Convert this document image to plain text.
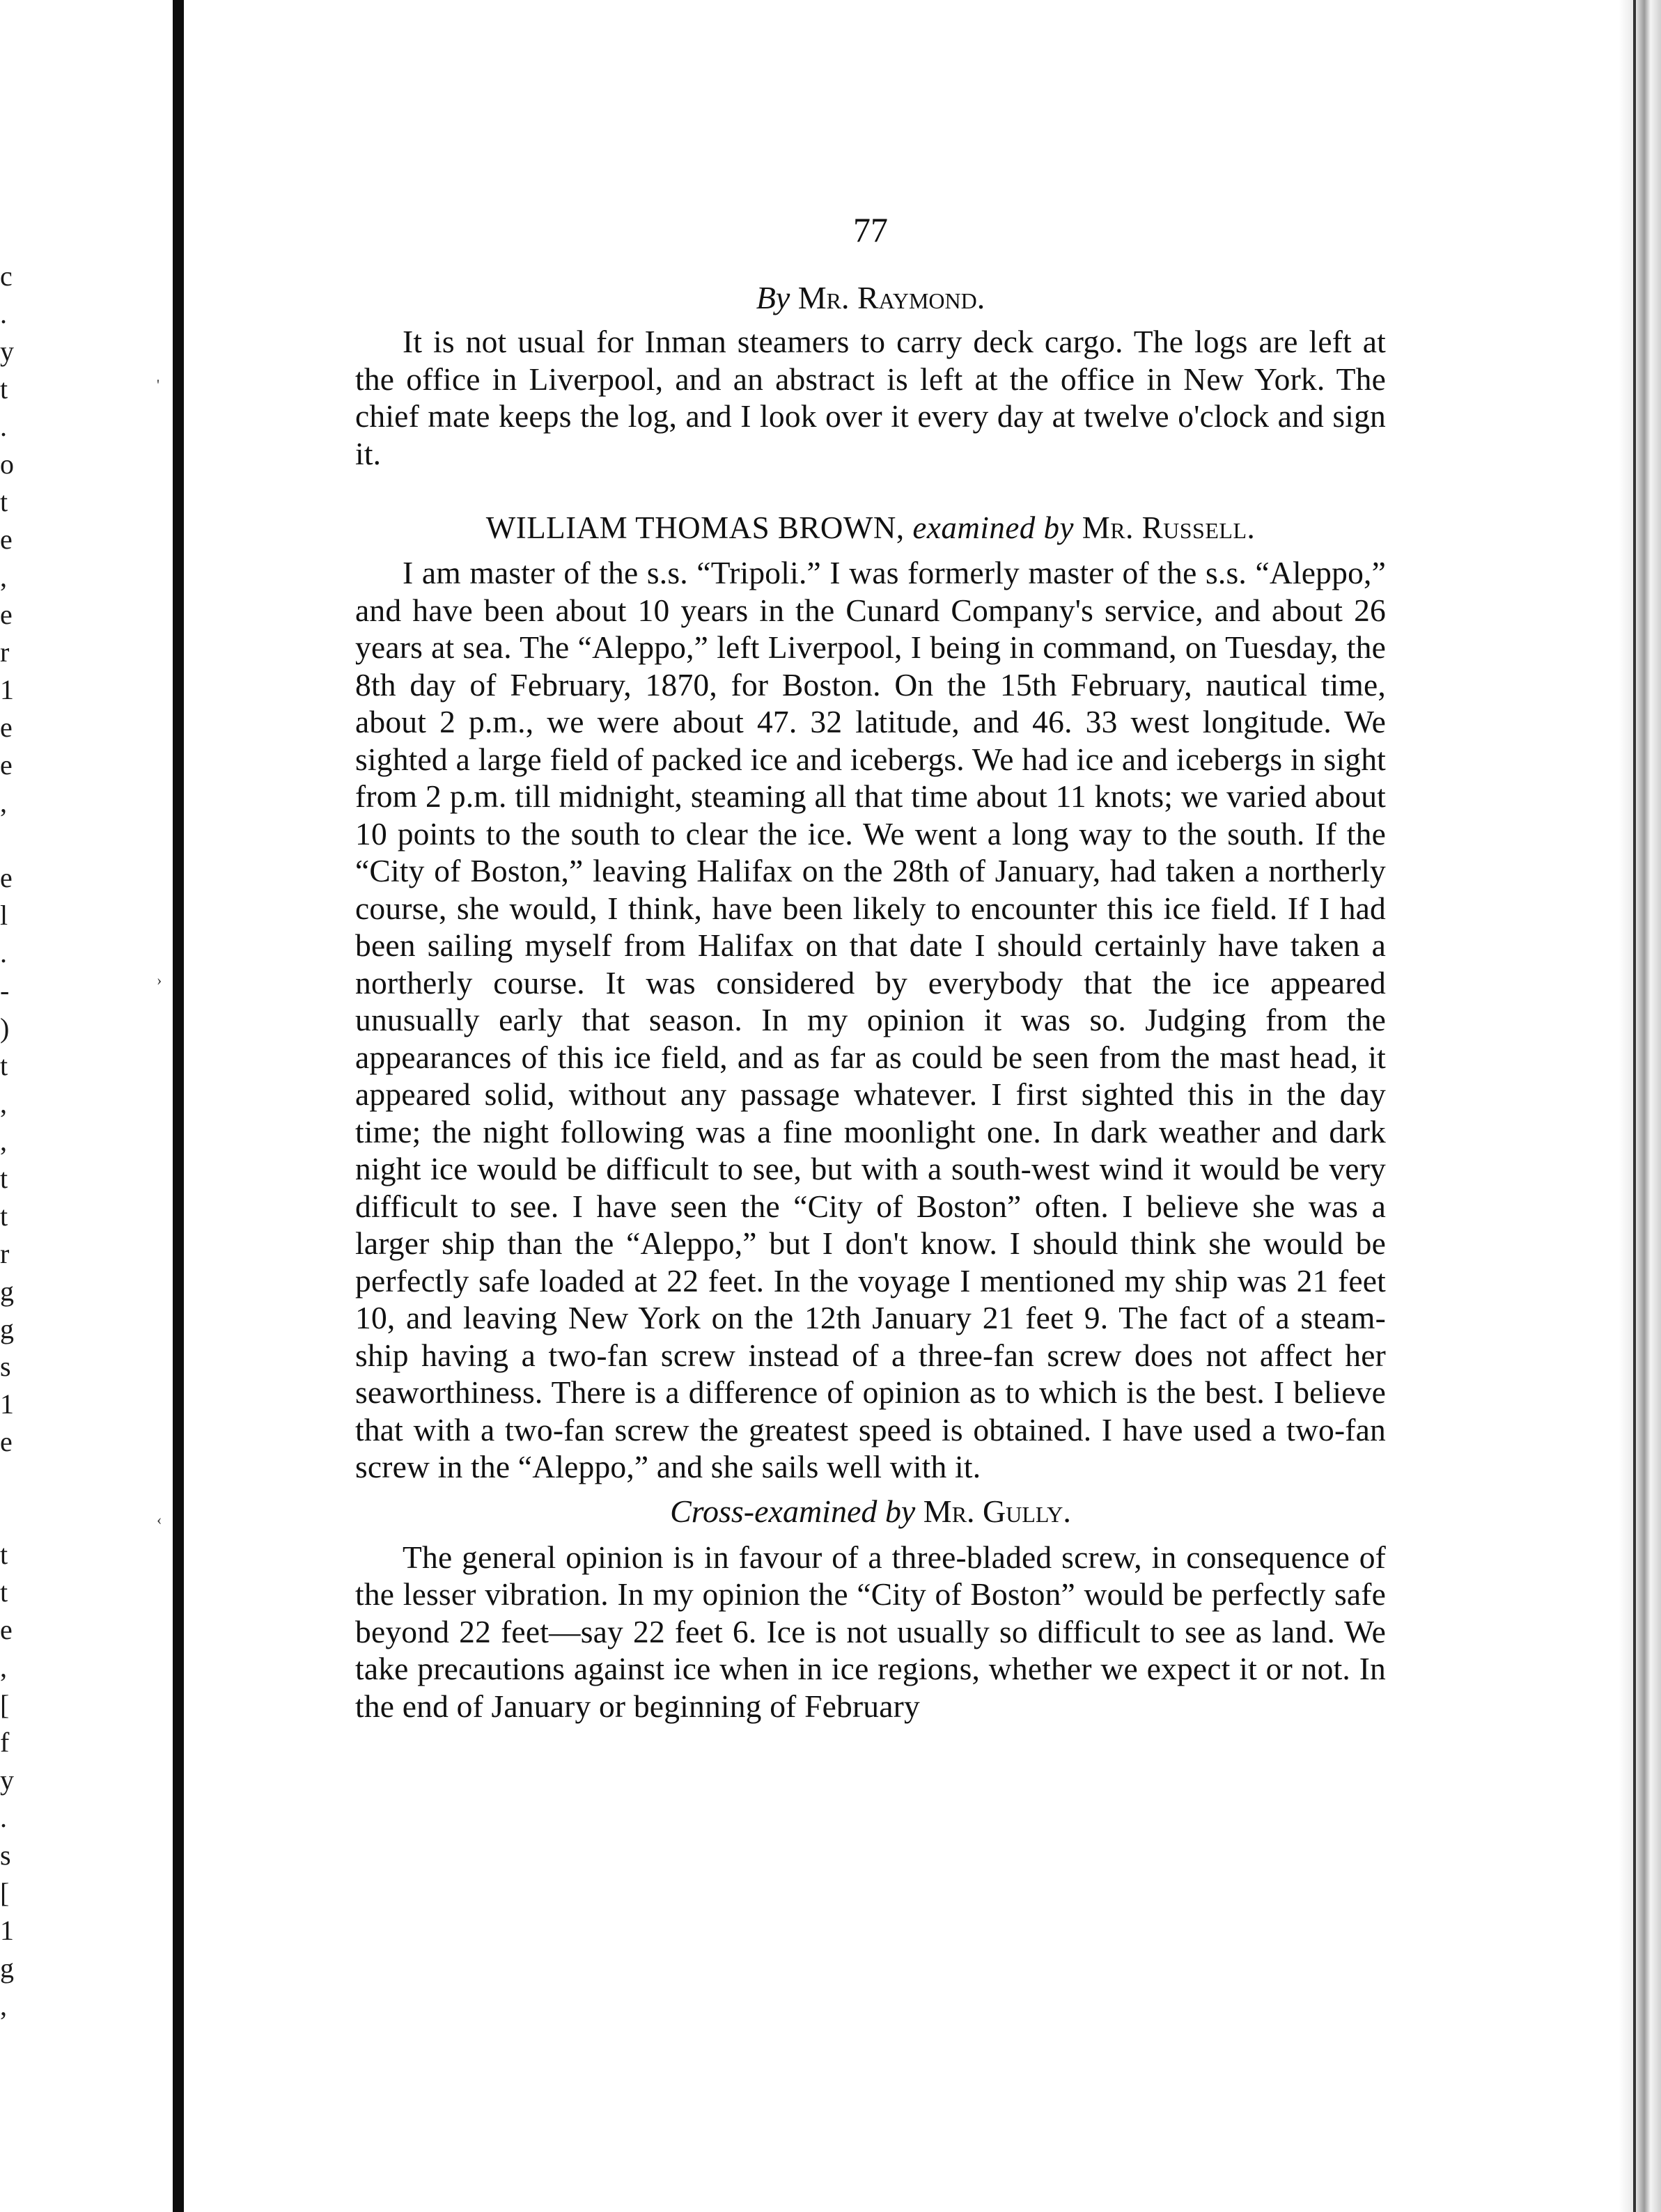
c
.
y
t
.
o
t
e
,
e
r
1
e
e
,
e
l
.
-
)
t
,
,
t
t
r
g
g
s
1
e
t
t
e
,
[
f
y
.
s
[
1
g
,
'
›
‹
77

By Mr. Raymond.

It is not usual for Inman steamers to carry deck cargo. The logs are left at the office in Liverpool, and an abstract is left at the office in New York. The chief mate keeps the log, and I look over it every day at twelve o'clock and sign it.

WILLIAM THOMAS BROWN, examined by Mr. Russell.

I am master of the s.s. “Tripoli.” I was formerly master of the s.s. “Aleppo,” and have been about 10 years in the Cunard Company's service, and about 26 years at sea. The “Aleppo,” left Liverpool, I being in command, on Tuesday, the 8th day of February, 1870, for Boston. On the 15th February, nautical time, about 2 p.m., we were about 47. 32 latitude, and 46. 33 west longitude. We sighted a large field of packed ice and icebergs. We had ice and icebergs in sight from 2 p.m. till midnight, steaming all that time about 11 knots; we varied about 10 points to the south to clear the ice. We went a long way to the south. If the “City of Boston,” leaving Halifax on the 28th of January, had taken a northerly course, she would, I think, have been likely to encounter this ice field. If I had been sailing myself from Halifax on that date I should certainly have taken a northerly course. It was considered by everybody that the ice appeared unusually early that season. In my opinion it was so. Judging from the appearances of this ice field, and as far as could be seen from the mast head, it appeared solid, without any passage whatever. I first sighted this in the day time; the night following was a fine moonlight one. In dark weather and dark night ice would be difficult to see, but with a south-west wind it would be very difficult to see. I have seen the “City of Boston” often. I believe she was a larger ship than the “Aleppo,” but I don't know. I should think she would be perfectly safe loaded at 22 feet. In the voyage I mentioned my ship was 21 feet 10, and leaving New York on the 12th January 21 feet 9. The fact of a steam-ship having a two-fan screw instead of a three-fan screw does not affect her seaworthiness. There is a difference of opinion as to which is the best. I believe that with a two-fan screw the greatest speed is obtained. I have used a two-fan screw in the “Aleppo,” and she sails well with it.

Cross-examined by Mr. Gully.

The general opinion is in favour of a three-bladed screw, in consequence of the lesser vibration. In my opinion the “City of Boston” would be perfectly safe beyond 22 feet—say 22 feet 6. Ice is not usually so difficult to see as land. We take precautions against ice when in ice regions, whether we expect it or not. In the end of January or beginning of February
